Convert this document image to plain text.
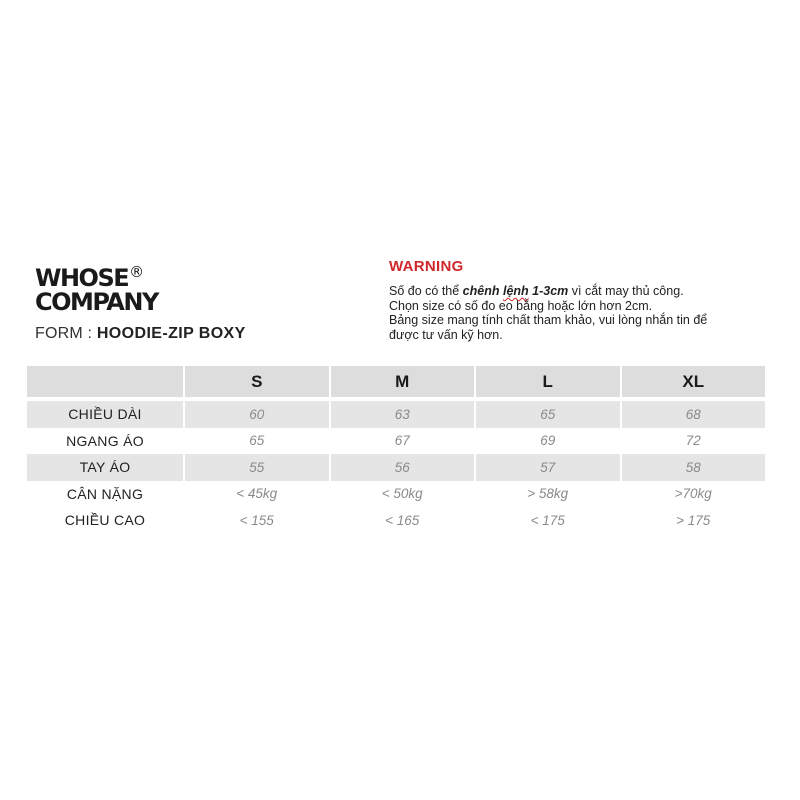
WHOSE®
COMPANY
FORM : HOODIE-ZIP BOXY
WARNING
Số đo có thể chênh lệnh 1-3cm vì cắt may thủ công.
Chọn size có số đo eo bằng hoặc lớn hơn 2cm.
Bảng size mang tính chất tham khảo, vui lòng nhắn tin để
được tư vấn kỹ hơn.
	S	M	L	XL

CHIỀU DÀI	60	63	65	68
NGANG ÁO	65	67	69	72
TAY ÁO	55	56	57	58
CÂN NẶNG	< 45kg	< 50kg	> 58kg	>70kg
CHIỀU CAO	< 155	< 165	< 175	> 175
